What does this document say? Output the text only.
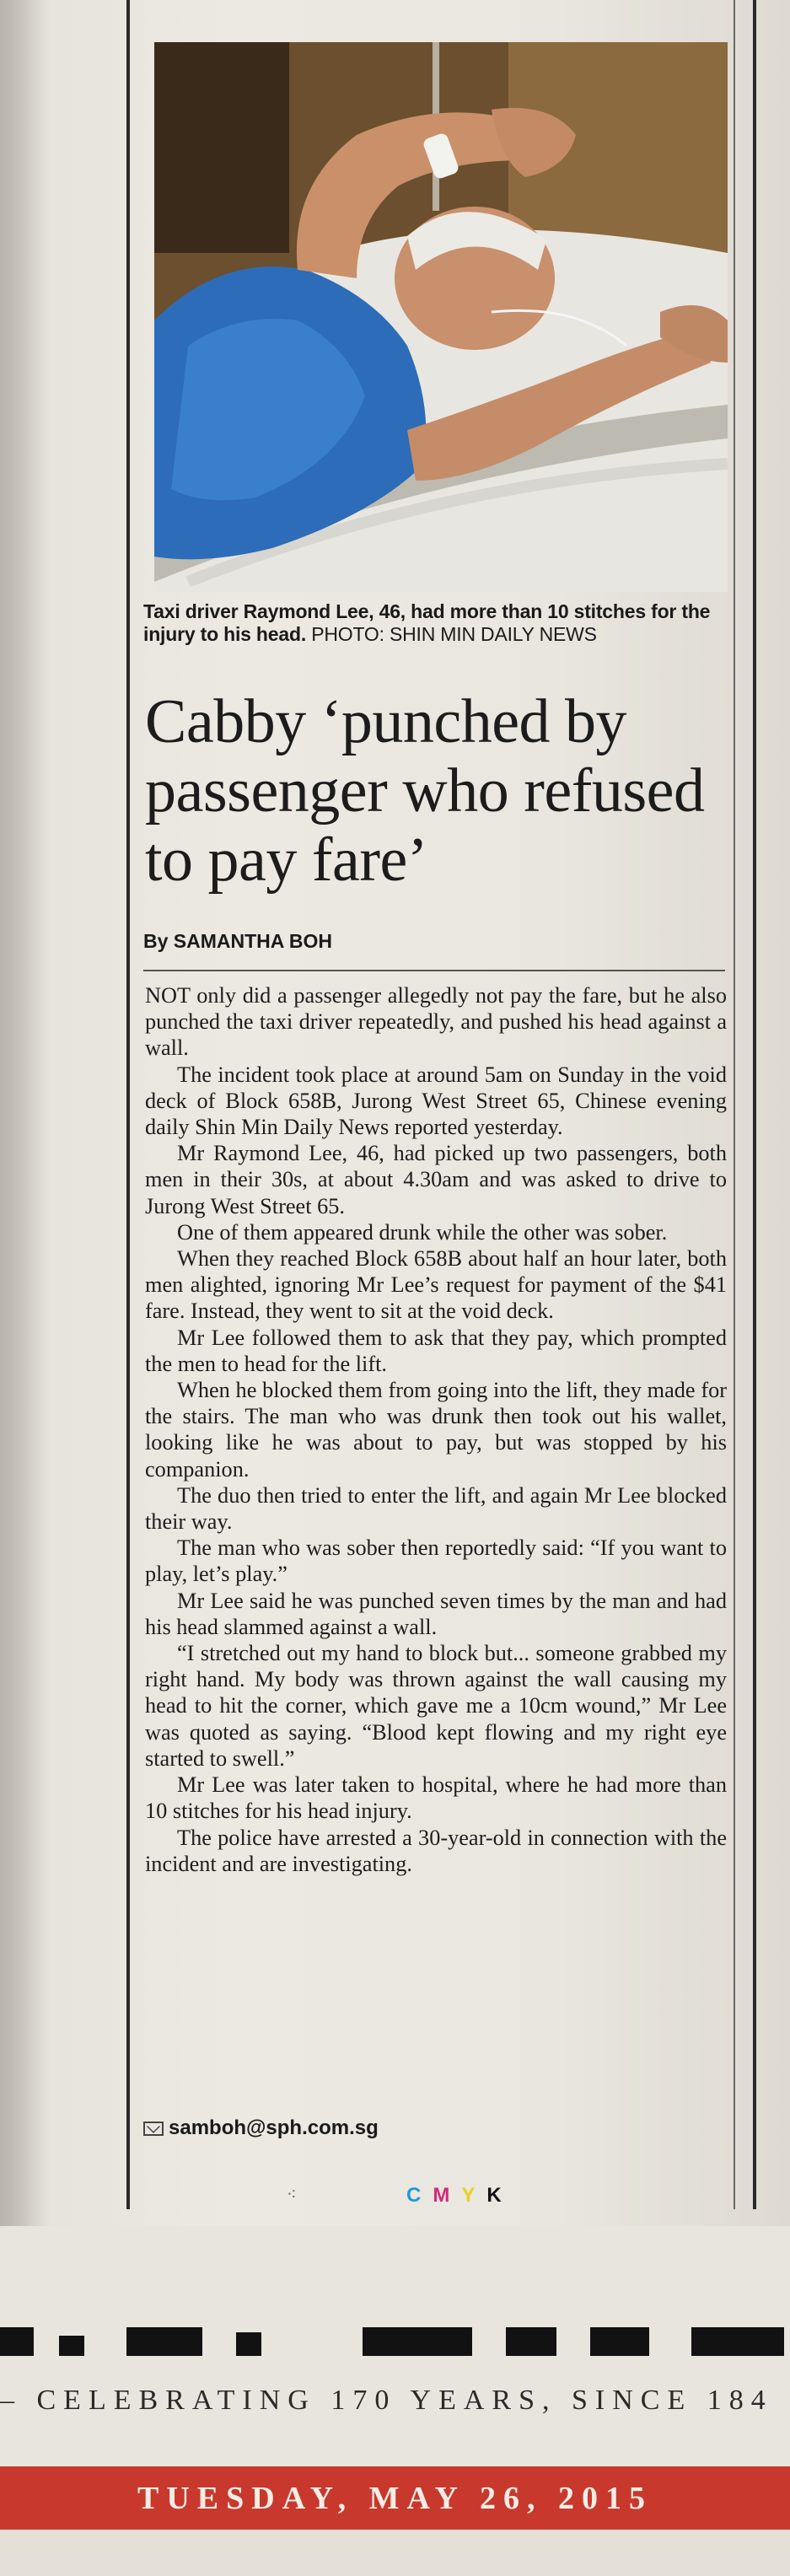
Taxi driver Raymond Lee, 46, had more than 10 stitches for the injury to his head. PHOTO: SHIN MIN DAILY NEWS
Cabby ‘punched by passenger who refused to pay fare’
By SAMANTHA BOH

NOT only did a passenger allegedly not pay the fare, but he also punched the taxi driver repeatedly, and pushed his head against a wall.

The incident took place at around 5am on Sunday in the void deck of Block 658B, Jurong West Street 65, Chinese evening daily Shin Min Daily News reported yesterday.

Mr Raymond Lee, 46, had picked up two passengers, both men in their 30s, at about 4.30am and was asked to drive to Jurong West Street 65.

One of them appeared drunk while the other was sober.

When they reached Block 658B about half an hour later, both men alighted, ignoring Mr Lee’s request for payment of the $41 fare. Instead, they went to sit at the void deck.

Mr Lee followed them to ask that they pay, which prompted the men to head for the lift.

When he blocked them from going into the lift, they made for the stairs. The man who was drunk then took out his wallet, looking like he was about to pay, but was stopped by his companion.

The duo then tried to enter the lift, and again Mr Lee blocked their way.

The man who was sober then reportedly said: “If you want to play, let’s play.”

Mr Lee said he was punched seven times by the man and had his head slammed against a wall.

“I stretched out my hand to block but... someone grabbed my right hand. My body was thrown against the wall causing my head to hit the corner, which gave me a 10cm wound,” Mr Lee was quoted as saying. “Blood kept flowing and my right eye started to swell.”

Mr Lee was later taken to hospital, where he had more than 10 stitches for his head injury.

The police have arrested a 30-year-old in connection with the incident and are investigating.

samboh@sph.com.sg
⁖	CMYK
– CELEBRATING 170 YEARS, SINCE 184
TUESDAY, MAY 26, 2015
